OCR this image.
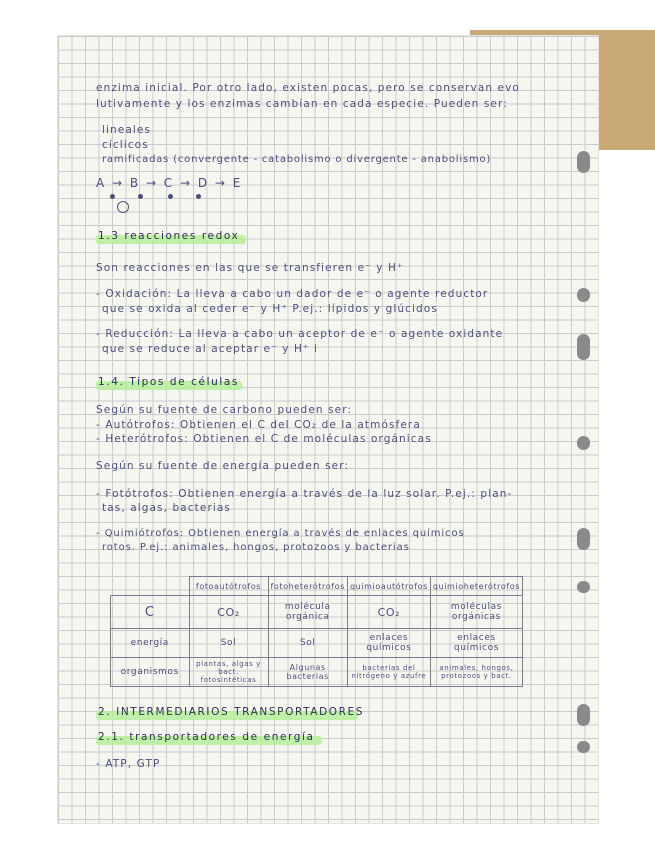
enzima inicial. Por otro lado, existen pocas, pero se conservan evo
lutivamente y los enzimas cambian en cada especie. Pueden ser:
lineales
cíclicos
ramificadas (convergente - catabolismo o divergente - anabolismo)
A → B → C → D → E
1.3 reacciones redox
Son reacciones en las que se transfieren e⁻ y H⁺
- Oxidación: La lleva a cabo un dador de e⁻ o agente reductor
que se oxida al ceder e⁻ y H⁺ P.ej.: lípidos y glúcidos
- Reducción: La lleva a cabo un aceptor de e⁻ o agente oxidante
que se reduce al aceptar e⁻ y H⁺ i
1.4. Tipos de células
Según su fuente de carbono pueden ser:
- Autótrofos: Obtienen el C del CO₂ de la atmósfera
- Heterótrofos: Obtienen el C de moléculas orgánicas
Según su fuente de energía pueden ser:
- Fotótrofos: Obtienen energía a través de la luz solar. P.ej.: plan-
tas, algas, bacterias
- Quimiótrofos: Obtienen energía a través de enlaces químicos
rotos. P.ej.: animales, hongos, protozoos y bacterias
	fotoautótrofos	fotoheterótrofos	quimioautótrofos	quimioheterótrofos
C	CO₂	molécula orgánica	CO₂	moléculas orgánicas
energía	Sol	Sol	enlaces químicos	enlaces químicos
organismos	plantas, algas y bact. fotosintéticas	Algunas bacterias	bacterias del nitrógeno y azufre	animales, hongos, protozoos y bact.
2. INTERMEDIARIOS TRANSPORTADORES
2.1. transportadores de energía
- ATP, GTP
